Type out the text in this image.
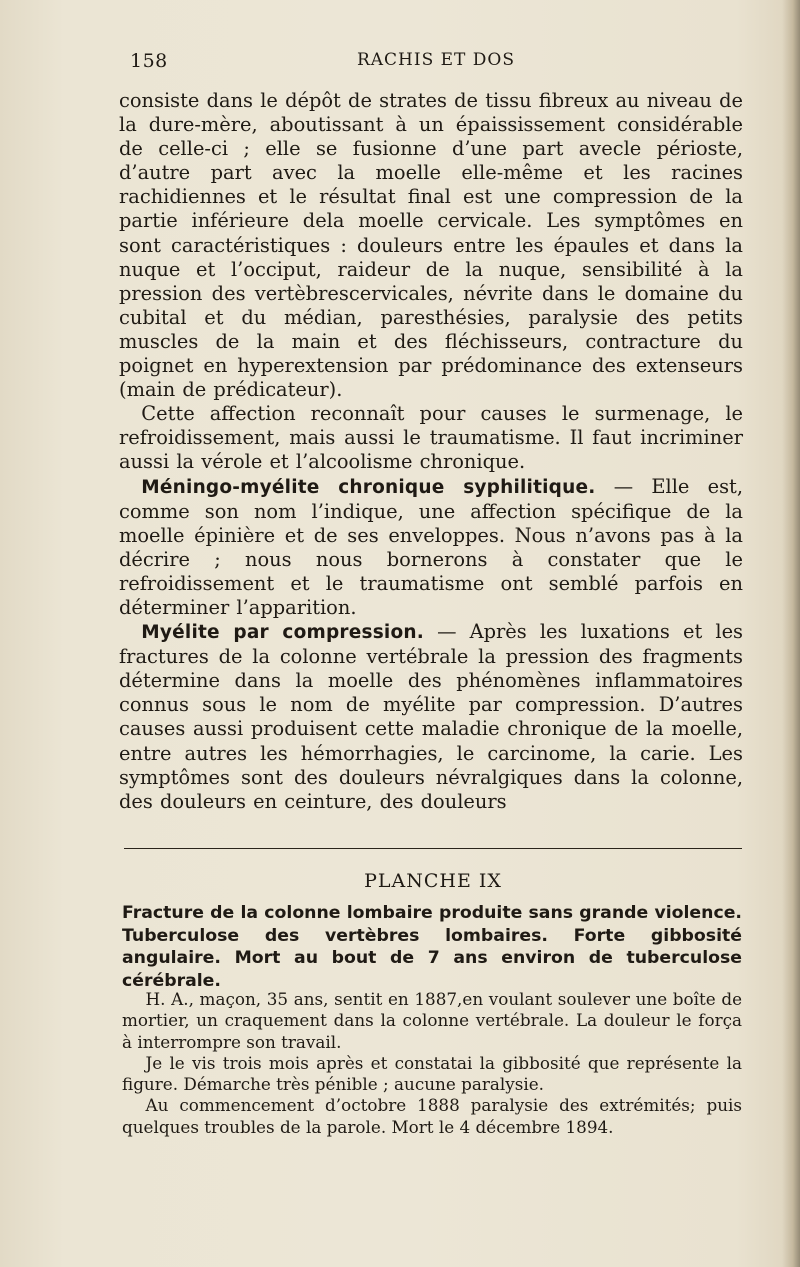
158	RACHIS ET DOS

consiste dans le dépôt de strates de tissu fibreux au niveau de la dure-mère, aboutissant à un épaississement considérable de celle-ci ; elle se fusionne d’une part avecle périoste, d’autre part avec la moelle elle-même et les racines rachidiennes et le résultat final est une compression de la partie inférieure dela moelle cervicale. Les symptômes en sont caractéristiques : douleurs entre les épaules et dans la nuque et l’occiput, raideur de la nuque, sensibilité à la pression des vertèbrescervicales, névrite dans le domaine du cubital et du médian, paresthésies, paralysie des petits muscles de la main et des fléchisseurs, contracture du poignet en hyperextension par prédominance des extenseurs (main de prédicateur).

Cette affection reconnaît pour causes le surmenage, le refroidissement, mais aussi le traumatisme. Il faut incriminer aussi la vérole et l’alcoolisme chronique.

Méningo-myélite chronique syphilitique. — Elle est, comme son nom l’indique, une affection spécifique de la moelle épinière et de ses enveloppes. Nous n’avons pas à la décrire ; nous nous bornerons à constater que le refroidissement et le traumatisme ont semblé parfois en déterminer l’apparition.

Myélite par compression. — Après les luxations et les fractures de la colonne vertébrale la pression des fragments détermine dans la moelle des phénomènes inflammatoires connus sous le nom de myélite par compression. D’autres causes aussi produisent cette maladie chronique de la moelle, entre autres les hémorrhagies, le carcinome, la carie. Les symptômes sont des douleurs névralgiques dans la colonne, des douleurs en ceinture, des douleurs

PLANCHE IX
Fracture de la colonne lombaire produite sans grande violence. Tuberculose des vertèbres lombaires. Forte gibbosité angulaire. Mort au bout de 7 ans environ de tuberculose cérébrale.

H. A., maçon, 35 ans, sentit en 1887,en voulant soulever une boîte de mortier, un craquement dans la colonne vertébrale. La douleur le força à interrompre son travail.

Je le vis trois mois après et constatai la gibbosité que représente la figure. Démarche très pénible ; aucune paralysie.

Au commencement d’octobre 1888 paralysie des extrémités; puis quelques troubles de la parole. Mort le 4 décembre 1894.
